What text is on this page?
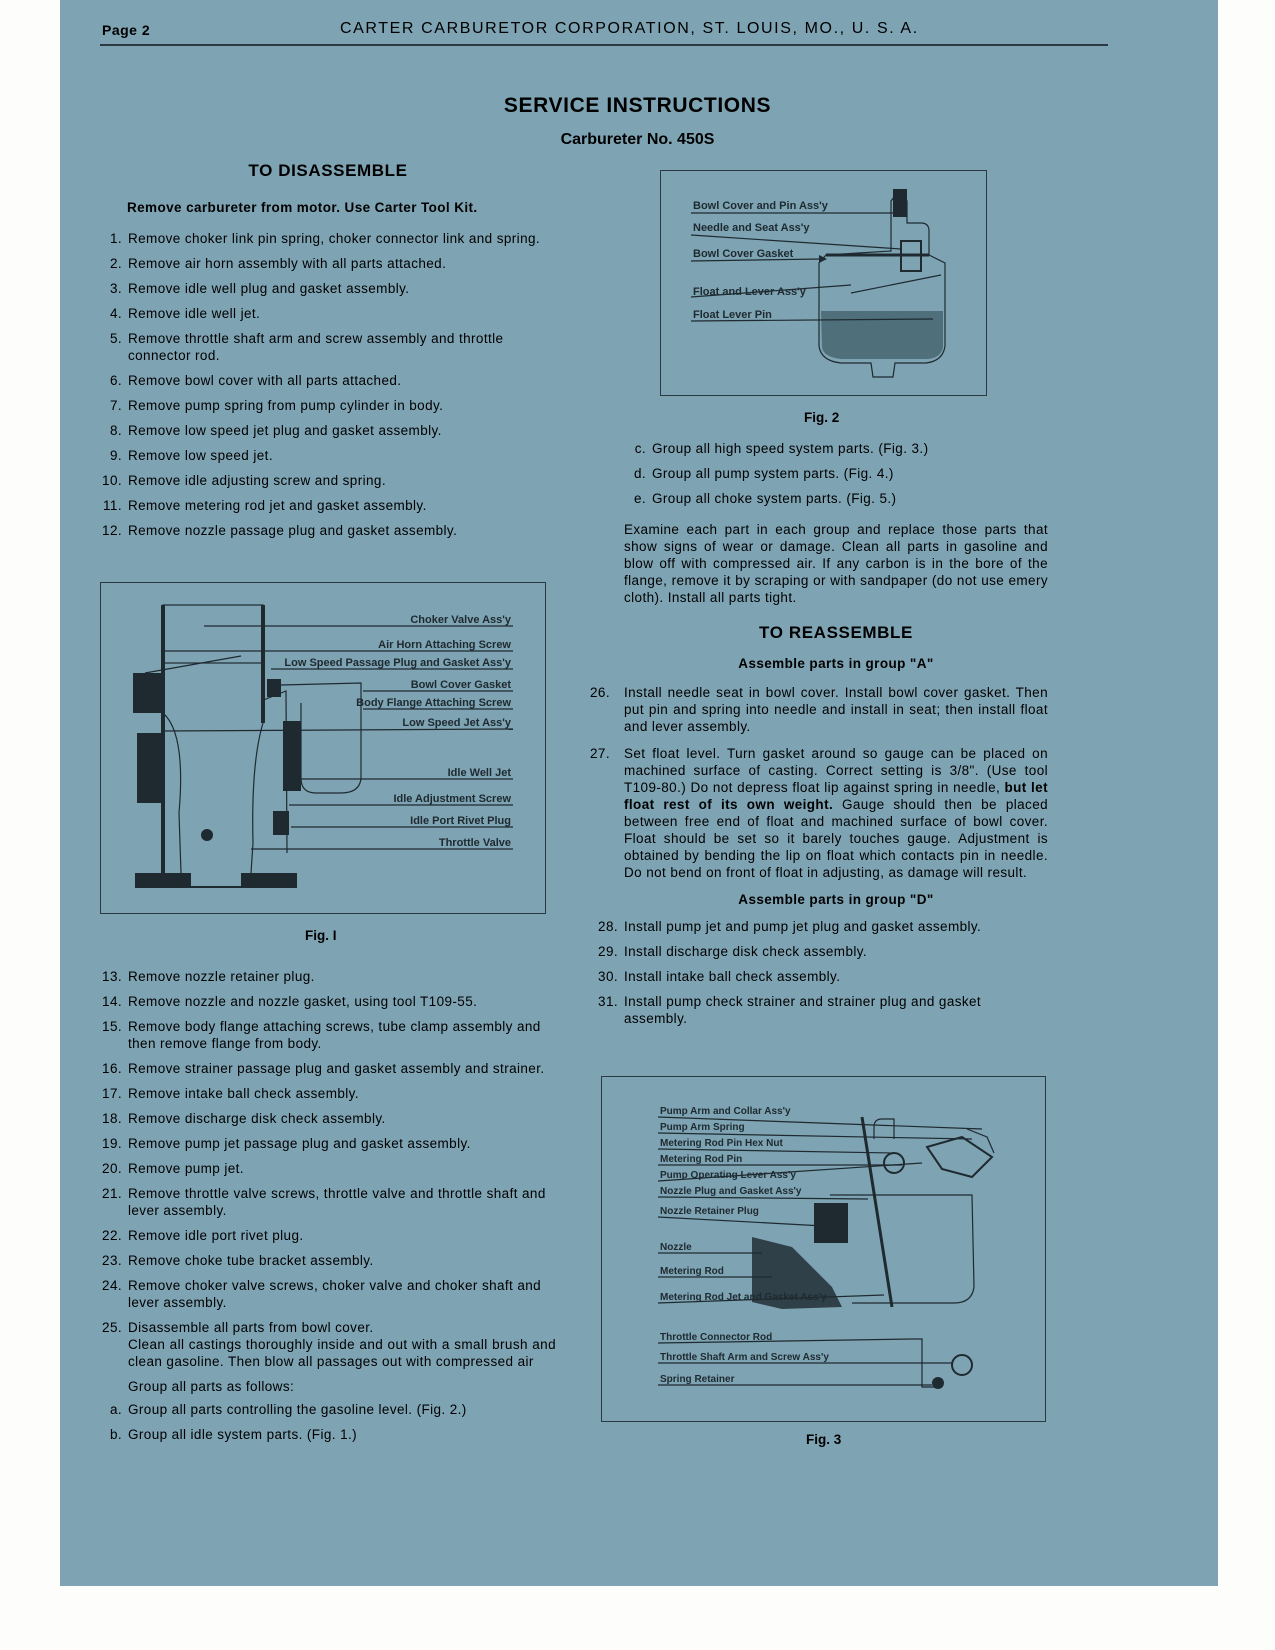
Page 2	CARTER CARBURETOR CORPORATION, ST. LOUIS, MO., U. S. A.
SERVICE INSTRUCTIONS
Carbureter No. 450S
TO DISASSEMBLE
Remove carbureter from motor. Use Carter Tool Kit.
1. Remove choker link pin spring, choker connector link and spring.
2. Remove air horn assembly with all parts attached.
3. Remove idle well plug and gasket assembly.
4. Remove idle well jet.
5. Remove throttle shaft arm and screw assembly and throttle connector rod.
6. Remove bowl cover with all parts attached.
7. Remove pump spring from pump cylinder in body.
8. Remove low speed jet plug and gasket assembly.
9. Remove low speed jet.
10. Remove idle adjusting screw and spring.
11. Remove metering rod jet and gasket assembly.
12. Remove nozzle passage plug and gasket assembly.
Choker Valve Ass'y
Air Horn Attaching Screw
Low Speed Passage Plug and Gasket Ass'y
Bowl Cover Gasket
Body Flange Attaching Screw
Low Speed Jet Ass'y
Idle Well Jet
Idle Adjustment Screw
Idle Port Rivet Plug
Throttle Valve
Fig. I
13. Remove nozzle retainer plug.
14. Remove nozzle and nozzle gasket, using tool T109-55.
15. Remove body flange attaching screws, tube clamp assembly and then remove flange from body.
16. Remove strainer passage plug and gasket assembly and strainer.
17. Remove intake ball check assembly.
18. Remove discharge disk check assembly.
19. Remove pump jet passage plug and gasket assembly.
20. Remove pump jet.
21. Remove throttle valve screws, throttle valve and throttle shaft and lever assembly.
22. Remove idle port rivet plug.
23. Remove choke tube bracket assembly.
24. Remove choker valve screws, choker valve and choker shaft and lever assembly.
25. Disassemble all parts from bowl cover.
Clean all castings thoroughly inside and out with a small brush and clean gasoline. Then blow all passages out with compressed air
Group all parts as follows:
a. Group all parts controlling the gasoline level. (Fig. 2.)
b. Group all idle system parts. (Fig. 1.)
Bowl Cover and Pin Ass'y
Needle and Seat Ass'y
Bowl Cover Gasket
Float and Lever Ass'y
Float Lever Pin
Fig. 2
c. Group all high speed system parts. (Fig. 3.)
d. Group all pump system parts. (Fig. 4.)
e. Group all choke system parts. (Fig. 5.)
Examine each part in each group and replace those parts that show signs of wear or damage. Clean all parts in gasoline and blow off with compressed air. If any carbon is in the bore of the flange, remove it by scraping or with sandpaper (do not use emery cloth). Install all parts tight.
TO REASSEMBLE
Assemble parts in group "A"
26. Install needle seat in bowl cover. Install bowl cover gasket. Then put pin and spring into needle and install in seat; then install float and lever assembly.
27. Set float level. Turn gasket around so gauge can be placed on machined surface of casting. Correct setting is 3/8". (Use tool T109-80.) Do not depress float lip against spring in needle, but let float rest of its own weight. Gauge should then be placed between free end of float and machined surface of bowl cover. Float should be set so it barely touches gauge. Adjustment is obtained by bending the lip on float which contacts pin in needle. Do not bend on front of float in adjusting, as damage will result.
Assemble parts in group "D"
28. Install pump jet and pump jet plug and gasket assembly.
29. Install discharge disk check assembly.
30. Install intake ball check assembly.
31. Install pump check strainer and strainer plug and gasket assembly.
Pump Arm and Collar Ass'y
Pump Arm Spring
Metering Rod Pin Hex Nut
Metering Rod Pin
Pump Operating Lever Ass'y
Nozzle Plug and Gasket Ass'y
Nozzle Retainer Plug
Nozzle
Metering Rod
Metering Rod Jet and Gasket Ass'y
Throttle Connector Rod
Throttle Shaft Arm and Screw Ass'y
Spring Retainer
Fig. 3
